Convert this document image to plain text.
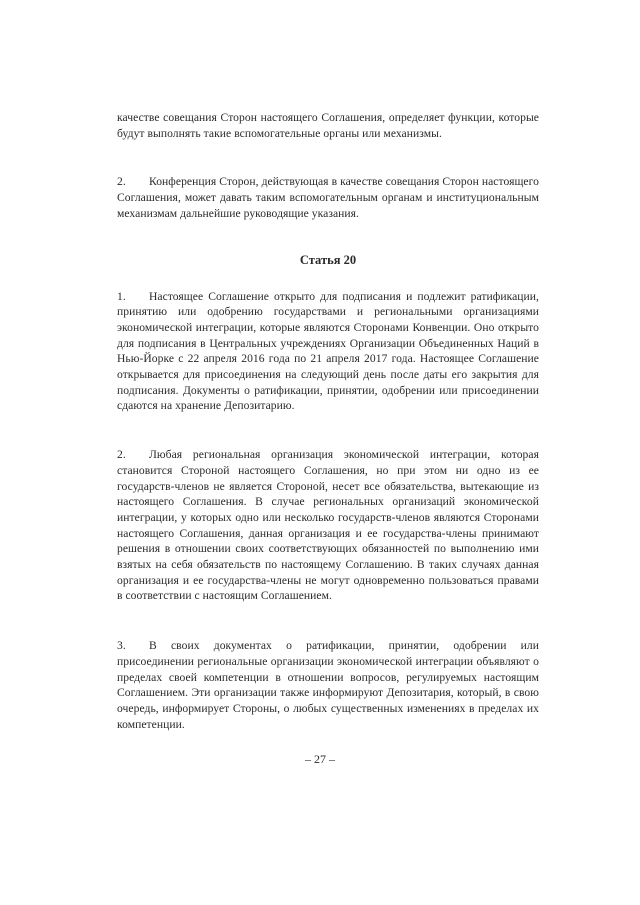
качестве совещания Сторон настоящего Соглашения, определяет функции, которые будут выполнять такие вспомогательные органы или механизмы.

2. Конференция Сторон, действующая в качестве совещания Сторон настоящего Соглашения, может давать таким вспомогательным органам и институциональным механизмам дальнейшие руководящие указания.

Статья 20

1. Настоящее Соглашение открыто для подписания и подлежит ратификации, принятию или одобрению государствами и региональными организациями экономической интеграции, которые являются Сторонами Конвенции. Оно открыто для подписания в Центральных учреждениях Организации Объединенных Наций в Нью-Йорке с 22 апреля 2016 года по 21 апреля 2017 года. Настоящее Соглашение открывается для присоединения на следующий день после даты его закрытия для подписания. Документы о ратификации, принятии, одобрении или присоединении сдаются на хранение Депозитарию.

2. Любая региональная организация экономической интеграции, которая становится Стороной настоящего Соглашения, но при этом ни одно из ее государств-членов не является Стороной, несет все обязательства, вытекающие из настоящего Соглашения. В случае региональных организаций экономической интеграции, у которых одно или несколько государств-членов являются Сторонами настоящего Соглашения, данная организация и ее государства-члены принимают решения в отношении своих соответствующих обязанностей по выполнению ими взятых на себя обязательств по настоящему Соглашению. В таких случаях данная организация и ее государства-члены не могут одновременно пользоваться правами в соответствии с настоящим Соглашением.

3. В своих документах о ратификации, принятии, одобрении или присоединении региональные организации экономической интеграции объявляют о пределах своей компетенции в отношении вопросов, регулируемых настоящим Соглашением. Эти организации также информируют Депозитария, который, в свою очередь, информирует Стороны, о любых существенных изменениях в пределах их компетенции.

– 27 –
